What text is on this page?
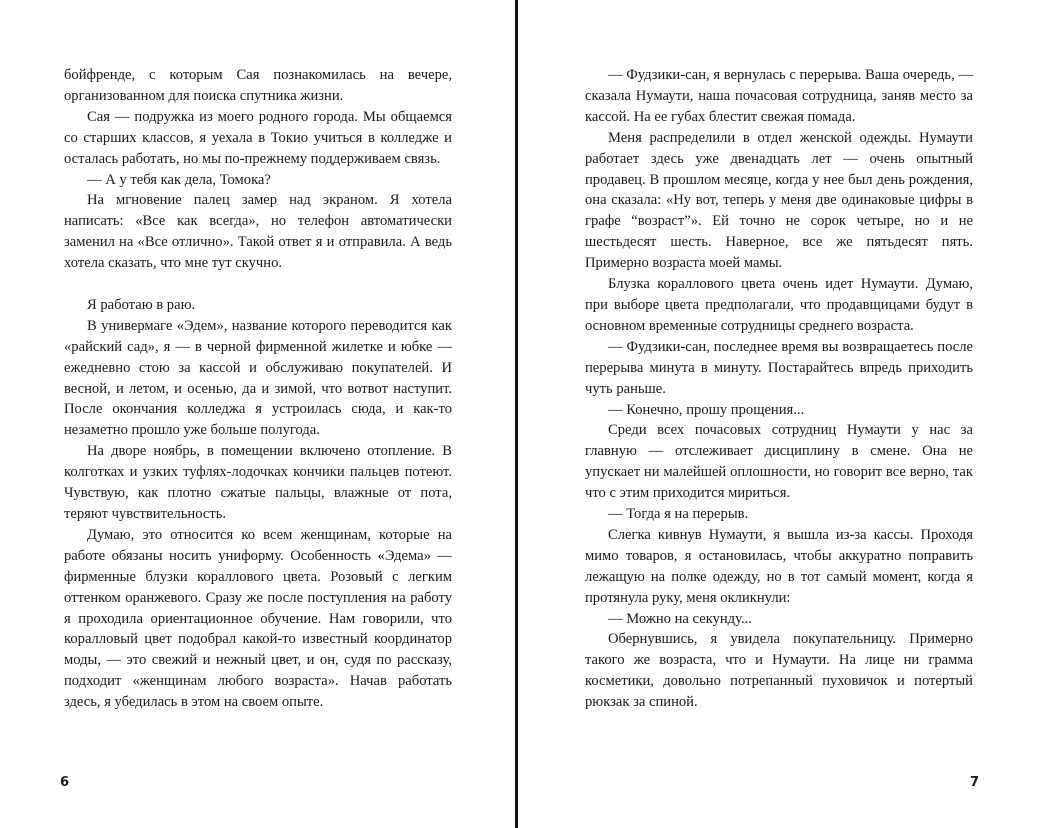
бойфренде, с которым Сая познакомилась на вечере, организованном для поиска спутника жизни.

Сая — подружка из моего родного города. Мы общаемся со старших классов, я уехала в Токио учиться в колледже и осталась работать, но мы по-прежнему поддерживаем связь.

— А у тебя как дела, Томока?

На мгновение палец замер над экраном. Я хотела написать: «Все как всегда», но телефон автоматически заменил на «Все отлично». Такой ответ я и отправила. А ведь хотела сказать, что мне тут скучно.

Я работаю в раю.

В универмаге «Эдем», название которого переводится как «райский сад», я — в черной фирменной жилетке и юбке — ежедневно стою за кассой и обслуживаю покупателей. И весной, и летом, и осенью, да и зимой, что вотвот наступит. После окончания колледжа я устроилась сюда, и как-то незаметно прошло уже больше полугода.

На дворе ноябрь, в помещении включено отопление. В колготках и узких туфлях-лодочках кончики пальцев потеют. Чувствую, как плотно сжатые пальцы, влажные от пота, теряют чувствительность.

Думаю, это относится ко всем женщинам, которые на работе обязаны носить униформу. Особенность «Эдема» — фирменные блузки кораллового цвета. Розовый с легким оттенком оранжевого. Сразу же после поступления на работу я проходила ориентационное обучение. Нам говорили, что коралловый цвет подобрал какой-то известный координатор моды, — это свежий и нежный цвет, и он, судя по рассказу, подходит «женщинам любого возраста». Начав работать здесь, я убедилась в этом на своем опыте.

— Фудзики-сан, я вернулась с перерыва. Ваша очередь, — сказала Нумаути, наша почасовая сотрудница, заняв место за кассой. На ее губах блестит свежая помада.

Меня распределили в отдел женской одежды. Нумаути работает здесь уже двенадцать лет — очень опытный продавец. В прошлом месяце, когда у нее был день рождения, она сказала: «Ну вот, теперь у меня две одинаковые цифры в графе “возраст”». Ей точно не сорок четыре, но и не шестьдесят шесть. Наверное, все же пятьдесят пять. Примерно возраста моей мамы.

Блузка кораллового цвета очень идет Нумаути. Думаю, при выборе цвета предполагали, что продавщицами будут в основном временные сотрудницы среднего возраста.

— Фудзики-сан, последнее время вы возвращаетесь после перерыва минута в минуту. Постарайтесь впредь приходить чуть раньше.

— Конечно, прошу прощения...

Среди всех почасовых сотрудниц Нумаути у нас за главную — отслеживает дисциплину в смене. Она не упускает ни малейшей оплошности, но говорит все верно, так что с этим приходится мириться.

— Тогда я на перерыв.

Слегка кивнув Нумаути, я вышла из-за кассы. Проходя мимо товаров, я остановилась, чтобы аккуратно поправить лежащую на полке одежду, но в тот самый момент, когда я протянула руку, меня окликнули:

— Можно на секунду...

Обернувшись, я увидела покупательницу. Примерно такого же возраста, что и Нумаути. На лице ни грамма косметики, довольно потрепанный пуховичок и потертый рюкзак за спиной.

6	7
